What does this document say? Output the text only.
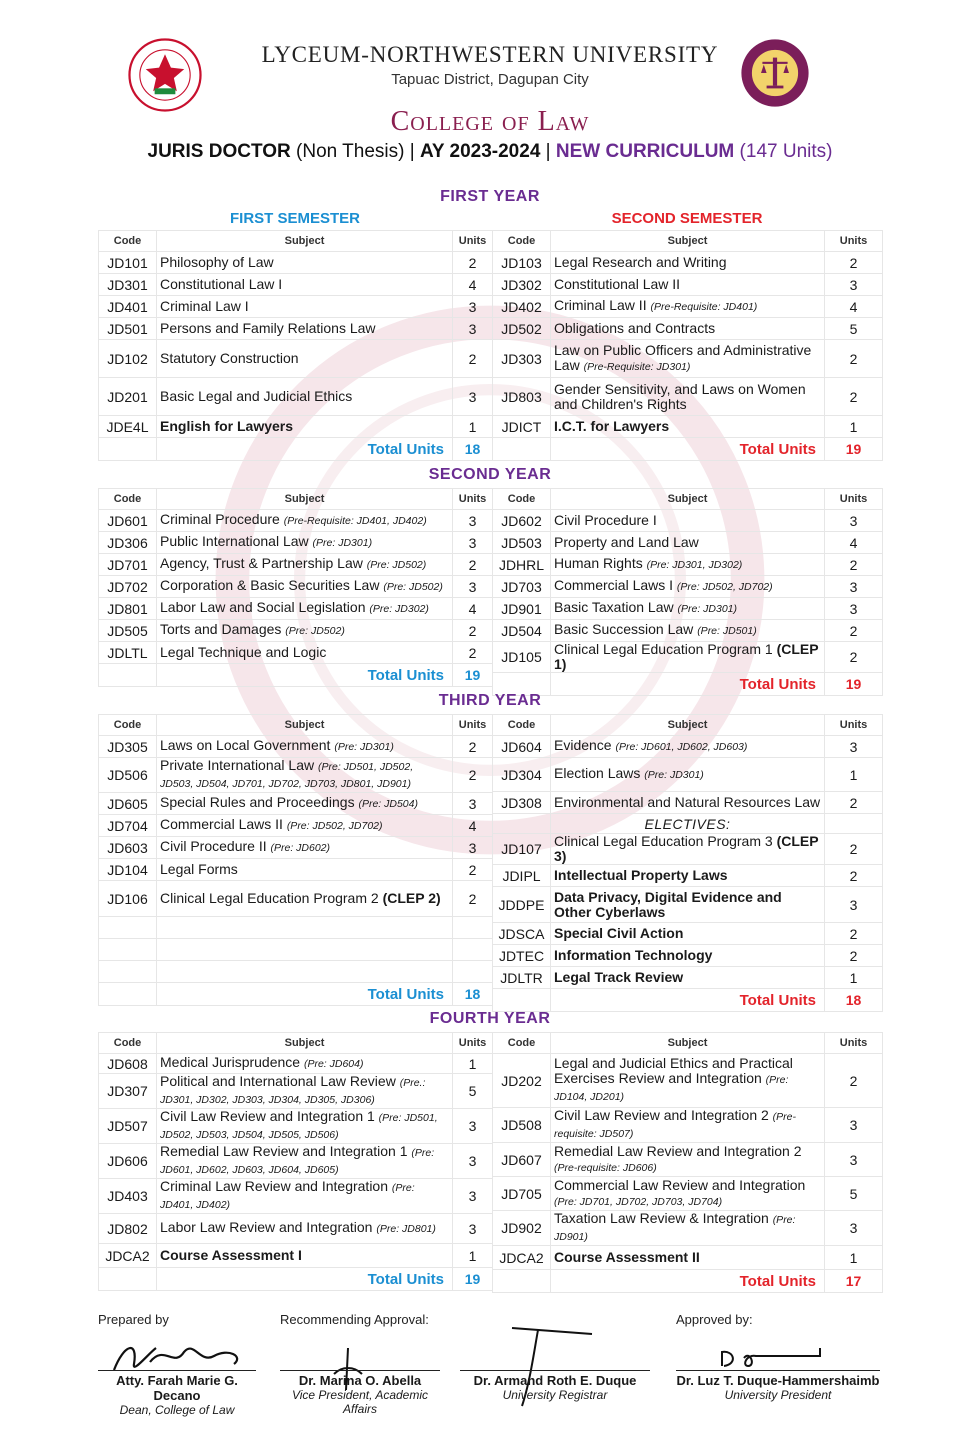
LYCEUM-NORTHWESTERN UNIVERSITY
Tapuac District, Dagupan City
College of Law
JURIS DOCTOR (Non Thesis) | AY 2023-2024 | NEW CURRICULUM (147 Units)
FIRST YEAR
FIRST SEMESTER	SECOND SEMESTER
Code	Subject	Units
JD101	Philosophy of Law	2
JD301	Constitutional Law I	4
JD401	Criminal Law I	3
JD501	Persons and Family Relations Law	3
JD102	Statutory Construction	2
JD201	Basic Legal and Judicial Ethics	3
JDE4L	English for Lawyers	1
	Total Units	18
Code	Subject	Units
JD103	Legal Research and Writing	2
JD302	Constitutional Law II	3
JD402	Criminal Law II (Pre-Requisite: JD401)	4
JD502	Obligations and Contracts	5
JD303	Law on Public Officers and Administrative Law (Pre-Requisite: JD301)	2
JD803	Gender Sensitivity, and Laws on Women and Children's Rights	2
JDICT	I.C.T. for Lawyers	1
	Total Units	19
SECOND YEAR
Code	Subject	Units
JD601	Criminal Procedure (Pre-Requisite: JD401, JD402)	3
JD306	Public International Law (Pre: JD301)	3
JD701	Agency, Trust & Partnership Law (Pre: JD502)	2
JD702	Corporation & Basic Securities Law (Pre: JD502)	3
JD801	Labor Law and Social Legislation (Pre: JD302)	4
JD505	Torts and Damages (Pre: JD502)	2
JDLTL	Legal Technique and Logic	2
	Total Units	19
Code	Subject	Units
JD602	Civil Procedure I	3
JD503	Property and Land Law	4
JDHRL	Human Rights (Pre: JD301, JD302)	2
JD703	Commercial Laws I (Pre: JD502, JD702)	3
JD901	Basic Taxation Law (Pre: JD301)	3
JD504	Basic Succession Law (Pre: JD501)	2
JD105	Clinical Legal Education Program 1 (CLEP 1)	2
	Total Units	19
THIRD YEAR
Code	Subject	Units
JD305	Laws on Local Government (Pre: JD301)	2
JD506	Private International Law (Pre: JD501, JD502, JD503, JD504, JD701, JD702, JD703, JD801, JD901)	2
JD605	Special Rules and Proceedings (Pre: JD504)	3
JD704	Commercial Laws II (Pre: JD502, JD702)	4
JD603	Civil Procedure II (Pre: JD602)	3
JD104	Legal Forms	2
JD106	Clinical Legal Education Program 2 (CLEP 2)	2

	Total Units	18
Code	Subject	Units
JD604	Evidence (Pre: JD601, JD602, JD603)	3
JD304	Election Laws (Pre: JD301)	1
JD308	Environmental and Natural Resources Law	2
	ELECTIVES:	
JD107	Clinical Legal Education Program 3 (CLEP 3)	2
JDIPL	Intellectual Property Laws	2
JDDPE	Data Privacy, Digital Evidence and Other Cyberlaws	3
JDSCA	Special Civil Action	2
JDTEC	Information Technology	2
JDLTR	Legal Track Review	1
	Total Units	18
FOURTH YEAR
Code	Subject	Units
JD608	Medical Jurisprudence (Pre: JD604)	1
JD307	Political and International Law Review (Pre.: JD301, JD302, JD303, JD304, JD305, JD306)	5
JD507	Civil Law Review and Integration 1 (Pre: JD501, JD502, JD503, JD504, JD505, JD506)	3
JD606	Remedial Law Review and Integration 1 (Pre: JD601, JD602, JD603, JD604, JD605)	3
JD403	Criminal Law Review and Integration (Pre: JD401, JD402)	3
JD802	Labor Law Review and Integration (Pre: JD801)	3
JDCA2	Course Assessment I	1
	Total Units	19
Code	Subject	Units
JD202	Legal and Judicial Ethics and Practical Exercises Review and Integration (Pre: JD104, JD201)	2
JD508	Civil Law Review and Integration 2 (Pre-requisite: JD507)	3
JD607	Remedial Law Review and Integration 2 (Pre-requisite: JD606)	3
JD705	Commercial Law Review and Integration (Pre: JD701, JD702, JD703, JD704)	5
JD902	Taxation Law Review & Integration (Pre: JD901)	3
JDCA2	Course Assessment II	1
	Total Units	17
Prepared by	Recommending Approval:	Approved by:
Atty. Farah Marie G. Decano
Dean, College of Law
Dr. Marina O. Abella
Vice President, Academic Affairs
Dr. Armand Roth E. Duque
University Registrar
Dr. Luz T. Duque-Hammershaimb
University President
